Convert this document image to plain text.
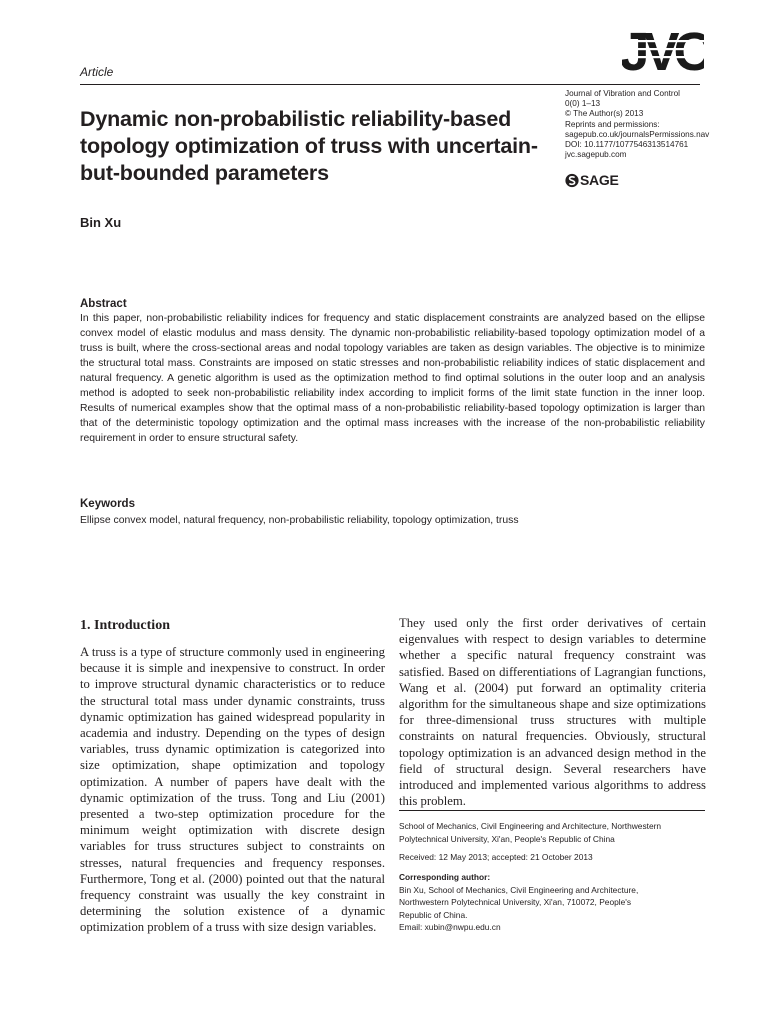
Article
Dynamic non-probabilistic reliability-based topology optimization of truss with uncertain-but-bounded parameters
Journal of Vibration and Control
0(0) 1–13
© The Author(s) 2013
Reprints and permissions:
sagepub.co.uk/journalsPermissions.nav
DOI: 10.1177/1077546313514761
jvc.sagepub.com
SAGE
Bin Xu
Abstract

In this paper, non-probabilistic reliability indices for frequency and static displacement constraints are analyzed based on the ellipse convex model of elastic modulus and mass density. The dynamic non-probabilistic reliability-based topology optimization model of a truss is built, where the cross-sectional areas and nodal topology variables are taken as design variables. The objective is to minimize the structural total mass. Constraints are imposed on static stresses and non-probabilistic reliability indices of static displacement and natural frequency. A genetic algorithm is used as the optimization method to find optimal solutions in the outer loop and an analysis method is adopted to seek non-probabilistic reliability index according to implicit forms of the limit state function in the inner loop. Results of numerical examples show that the optimal mass of a non-probabilistic reliability-based topology optimization is larger than that of the deterministic topology optimization and the optimal mass increases with the increase of the non-probabilistic reliability requirement in order to ensure structural safety.

Keywords

Ellipse convex model, natural frequency, non-probabilistic reliability, topology optimization, truss

1. Introduction

A truss is a type of structure commonly used in engineering because it is simple and inexpensive to construct. In order to improve structural dynamic characteristics or to reduce the structural total mass under dynamic constraints, truss dynamic optimization has gained widespread popularity in academia and industry. Depending on the types of design variables, truss dynamic optimization is categorized into size optimization, shape optimization and topology optimization. A number of papers have dealt with the dynamic optimization of the truss. Tong and Liu (2001) presented a two-step optimization procedure for the minimum weight optimization with discrete design variables for truss structures subject to constraints on stresses, natural frequencies and frequency responses. Furthermore, Tong et al. (2000) pointed out that the natural frequency constraint was usually the key constraint in determining the solution existence of a dynamic optimization problem of a truss with size design variables.

They used only the first order derivatives of certain eigenvalues with respect to design variables to determine whether a specific natural frequency constraint was satisfied. Based on differentiations of Lagrangian functions, Wang et al. (2004) put forward an optimality criteria algorithm for the simultaneous shape and size optimizations for three-dimensional truss structures with multiple constraints on natural frequencies. Obviously, structural topology optimization is an advanced design method in the field of structural design. Several researchers have introduced and implemented various algorithms to address this problem.

School of Mechanics, Civil Engineering and Architecture, Northwestern Polytechnical University, Xi'an, People's Republic of China
Received: 12 May 2013; accepted: 21 October 2013
Corresponding author:
Bin Xu, School of Mechanics, Civil Engineering and Architecture,
Northwestern Polytechnical University, Xi'an, 710072, People's
Republic of China.
Email: xubin@nwpu.edu.cn
